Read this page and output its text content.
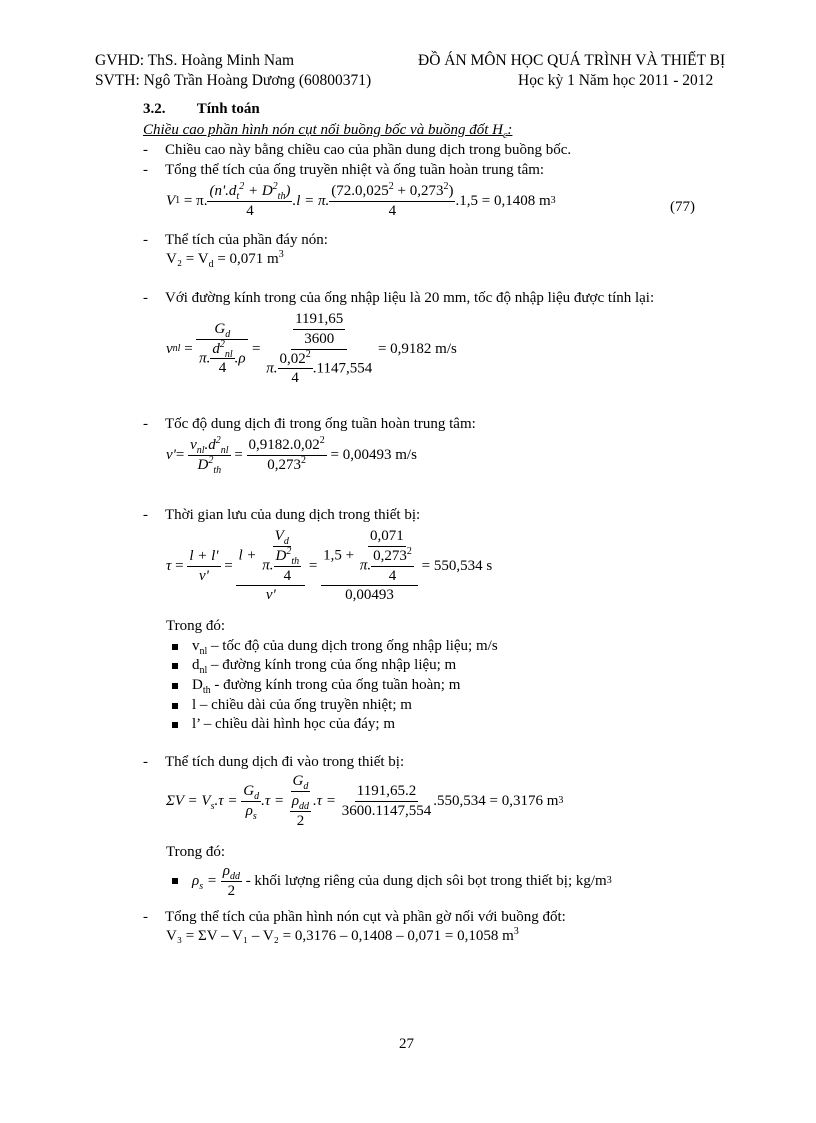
GVHD: ThS. Hoàng Minh Nam	ĐỒ ÁN MÔN HỌC QUÁ TRÌNH VÀ THIẾT BỊ
SVTH: Ngô Trần Hoàng Dương (60800371)	Học kỳ 1 Năm học 2011 - 2012
3.2. Tính toán
Chiều cao phần hình nón cụt nối buồng bốc và buồng đốt $H_c$:
- Chiều cao này bằng chiều cao của phần dung dịch trong buồng bốc.
- Tổng thể tích của ống truyền nhiệt và ống tuần hoàn trung tâm:
V 1 = π. $\frac{(n'.d_t^2 + D^2_{th})}{4} .l = \pi$. $\frac{(72.0,025^2 + 0,273^2)}{4} .1,5 = 0,1408$ m 3	(77)
- Thể tích của phần đáy nón:
$V_2 = V_d = 0,071$ $m^3$
- Với đường kính trong của ống nhập liệu là 20 mm, tốc độ nhập liệu được tính lại:
v nl = $\frac{G_d}{\pi. \frac{d^2_{nl}}{4} .\rho} = \frac{\frac{1191,65}{3600}}{\pi. \frac{0,02^2}{4} .1147,554}$
= 0,9182 m/s
- Tốc độ dung dịch đi trong ống tuần hoàn trung tâm:
$v' = \frac{v_{nl}.d^2_{nl}}{D^2_{th}} = \frac{0,9182.0,02^2}{0,273^2}$
= 0,00493 m/s
- Thời gian lưu của dung dịch trong thiết bị:
$\tau = \frac{l + l'}{v'} = \frac{l + \frac{V_d}{\pi. \frac{D^2_{th}}{4}}}{v'} = \frac{1,5 + \frac{0,071}{\pi. \frac{0,273^2}{4}}}{0,00493}$
= 550,534 s
Trong đó:
$v_{nl}$ – tốc độ của dung dịch trong ống nhập liệu; m/s
$d_{nl}$ – đường kính trong của ống nhập liệu; m
$D_{th}$ - đường kính trong của ống tuần hoàn; m
l – chiều dài của ống truyền nhiệt; m
l’ – chiều dài hình học của đáy; m
- Thể tích dung dịch đi vào trong thiết bị:
$\Sigma V = V_s.\tau = \frac{G_d}{\rho_s} .\tau = \frac{G_d}{\frac{\rho_{dd}}{2}} .\tau = \frac{1191,65.2}{3600.1147,554} .550,534 = 0,3176$ m 3
Trong đó:
$\rho_s = \frac{\rho_{dd}}{2}$
- khối lượng riêng của dung dịch sôi bọt trong thiết bị; kg/m 3
- Tổng thể tích của phần hình nón cụt và phần gờ nối với buồng đốt:
V₃ = ΣV – V₁ – V₂ = 0,3176 – 0,1408 – 0,071 = 0,1058 $m^3$
27
